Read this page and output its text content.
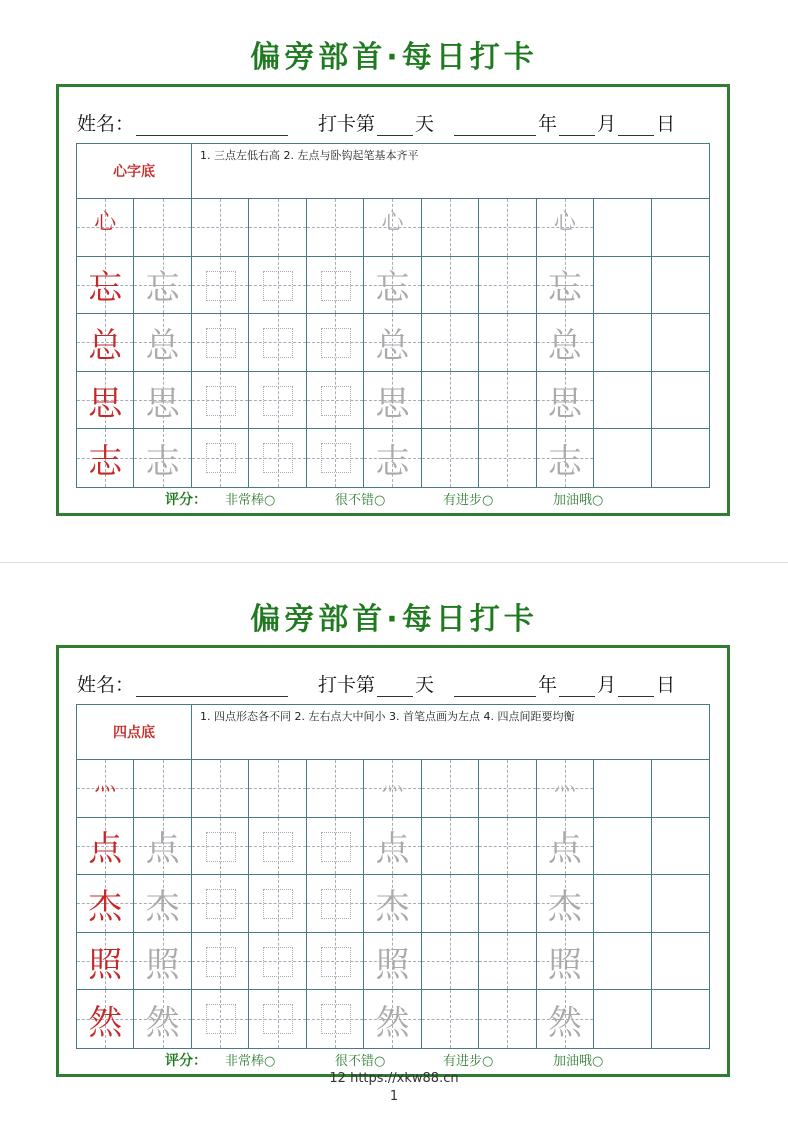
偏旁部首·每日打卡
姓名：	打卡第 天	年 月 日
心字底
1. 三点左低右高 2. 左点与卧钩起笔基本齐平
心	心	心
忘 忘	忘	忘
总 总	总	总
思 思	思	思
志 志	志	志
评分： 非常棒○	很不错○	有进步○	加油哦○
偏旁部首·每日打卡
姓名：	打卡第 天	年 月 日
四点底
1. 四点形态各不同 2. 左右点大中间小 3. 首笔点画为左点 4. 四点间距要均衡
灬	灬	灬
点 点	点	点
杰 杰	杰	杰
照 照	照	照
然 然	然	然
评分： 非常棒○	很不错○	有进步○	加油哦○
12 https://xkw88.cn
1
